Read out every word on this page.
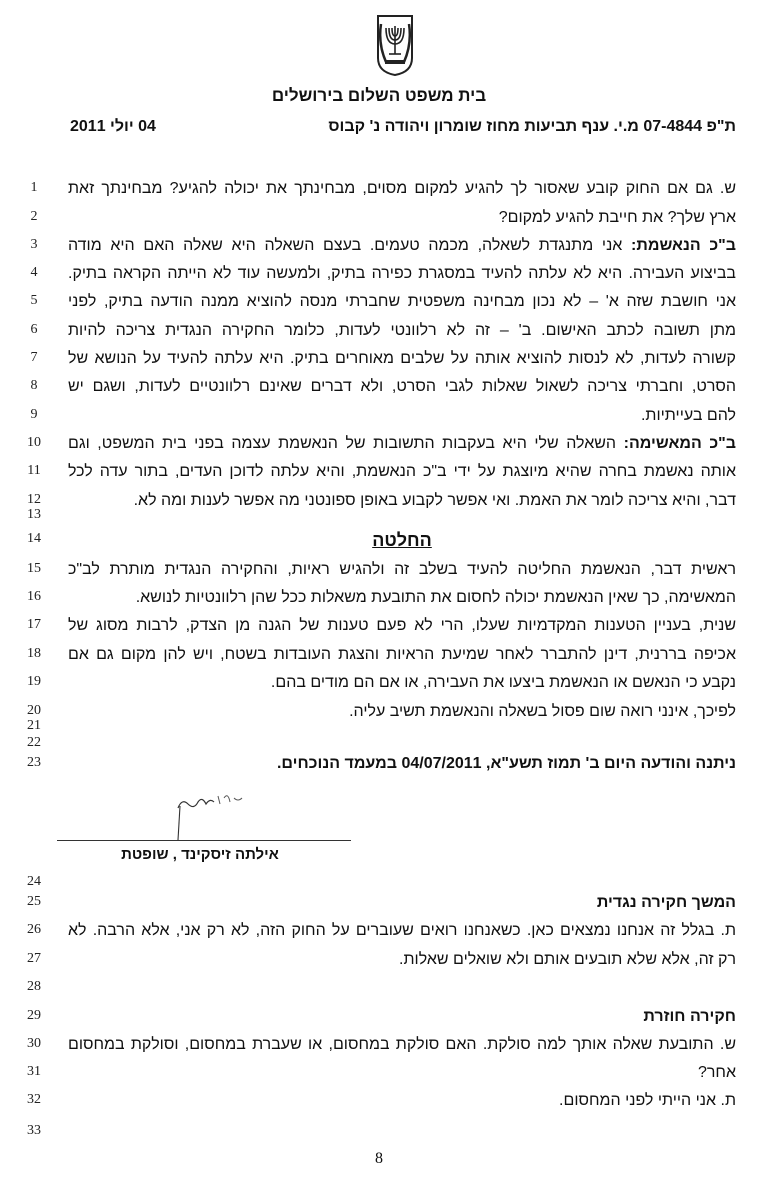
בית משפט השלום בירושלים
ת"פ 07-4844 מ.י. ענף תביעות מחוז שומרון ויהודה נ' קבוס
04 יולי 2011
1	ש. גם אם החוק קובע שאסור לך להגיע למקום מסוים, מבחינתך את יכולה להגיע? מבחינתך זאת
2	ארץ שלך? את חייבת להגיע למקום?
3	ב"כ הנאשמת: אני מתנגדת לשאלה, מכמה טעמים. בעצם השאלה היא שאלה האם היא מודה
4	בביצוע העבירה. היא לא עלתה להעיד במסגרת כפירה בתיק, ולמעשה עוד לא הייתה הקראה בתיק.
5	אני חושבת שזה א' – לא נכון מבחינה משפטית שחברתי מנסה להוציא ממנה הודעה בתיק, לפני
6	מתן תשובה לכתב האישום. ב' – זה לא רלוונטי לעדות, כלומר החקירה הנגדית צריכה להיות
7	קשורה לעדות, לא לנסות להוציא אותה על שלבים מאוחרים בתיק. היא עלתה להעיד על הנושא של
8	הסרט, וחברתי צריכה לשאול שאלות לגבי הסרט, ולא דברים שאינם רלוונטיים לעדות, ושגם יש
9	להם בעייתיות.
10	ב"כ המאשימה: השאלה שלי היא בעקבות התשובות של הנאשמת עצמה בפני בית המשפט, וגם
11	אותה נאשמת בחרה שהיא מיוצגת על ידי ב"כ הנאשמת, והיא עלתה לדוכן העדים, בתור עדה לכל
12	דבר, והיא צריכה לומר את האמת. ואי אפשר לקבוע באופן ספונטני מה אפשר לענות ומה לא.
13
14	החלטה
15	ראשית דבר, הנאשמת החליטה להעיד בשלב זה ולהגיש ראיות, והחקירה הנגדית מותרת לב"כ
16	המאשימה, כך שאין הנאשמת יכולה לחסום את התובעת משאלות ככל שהן רלוונטיות לנושא.
17	שנית, בעניין הטענות המקדמיות שעלו, הרי לא פעם טענות של הגנה מן הצדק, לרבות מסוג של
18	אכיפה בררנית, דינן להתברר לאחר שמיעת הראיות והצגת העובדות בשטח, ויש להן מקום גם אם
19	נקבע כי הנאשם או הנאשמת ביצעו את העבירה, או אם הם מודים בהם.
20	לפיכך, אינני רואה שום פסול בשאלה והנאשמת תשיב עליה.
21
22
23	ניתנה והודעה היום ב' תמוז תשע"א, 04/07/2011 במעמד הנוכחים.
24
25	המשך חקירה נגדית
26	ת. בגלל זה אנחנו נמצאים כאן. כשאנחנו רואים שעוברים על החוק הזה, לא רק אני, אלא הרבה. לא
27	רק זה, אלא שלא תובעים אותם ולא שואלים שאלות.
28
29	חקירה חוזרת
30	ש. התובעת שאלה אותך למה סולקת. האם סולקת במחסום, או שעברת במחסום, וסולקת במחסום
31	אחר?
32	ת. אני הייתי לפני המחסום.
33
אילתה זיסקינד , שופטת
8
